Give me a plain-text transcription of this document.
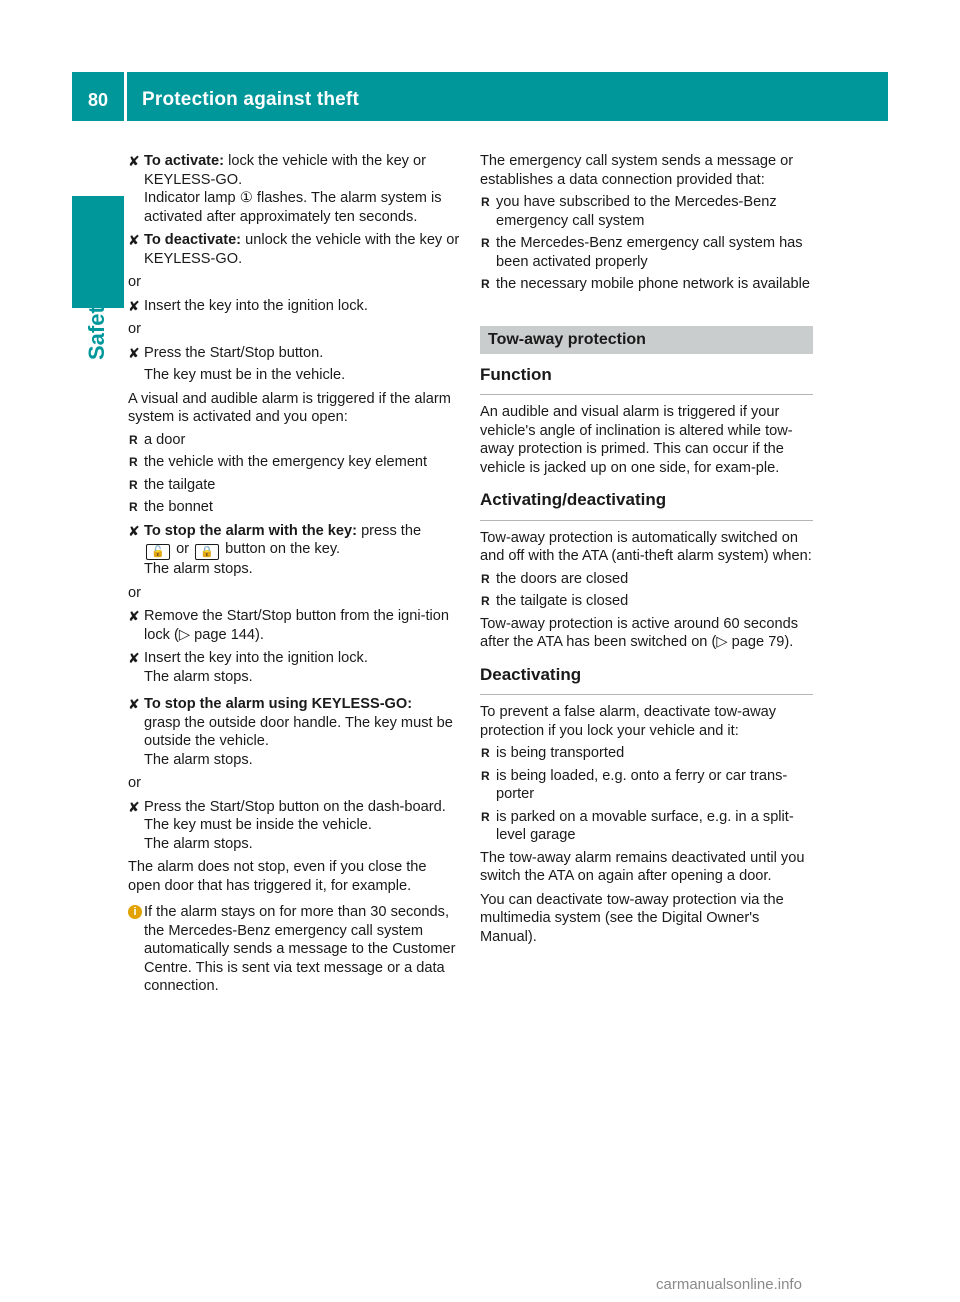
80	Protection against theft
Safety
✘ To activate: lock the vehicle with the key or KEYLESS-GO.

Indicator lamp ① flashes. The alarm system is activated after approximately ten seconds.

✘ To deactivate: unlock the vehicle with the key or KEYLESS-GO.

or

✘ Insert the key into the ignition lock.

or

✘ Press the Start/Stop button.

The key must be in the vehicle.

A visual and audible alarm is triggered if the alarm system is activated and you open:

R a door
R the vehicle with the emergency key element
R the tailgate
R the bonnet
✘ To stop the alarm with the key: press the

🔓 or 🔒 button on the key.

The alarm stops.

or

✘ Remove the Start/Stop button from the igni-tion lock (▷ page 144).

✘ Insert the key into the ignition lock.

The alarm stops.

✘ To stop the alarm using KEYLESS-GO:

grasp the outside door handle. The key must be outside the vehicle.

The alarm stops.

or

✘ Press the Start/Stop button on the dash-board. The key must be inside the vehicle.

The alarm stops.

The alarm does not stop, even if you close the open door that has triggered it, for example.

i If the alarm stays on for more than 30 seconds, the Mercedes-Benz emergency call system automatically sends a message to the Customer Centre. This is sent via text message or a data connection.

The emergency call system sends a message or establishes a data connection provided that:

R you have subscribed to the Mercedes-Benz emergency call system
R the Mercedes-Benz emergency call system has been activated properly
R the necessary mobile phone network is available
Tow-away protection
Function

An audible and visual alarm is triggered if your vehicle's angle of inclination is altered while tow-away protection is primed. This can occur if the vehicle is jacked up on one side, for exam-ple.

Activating/deactivating

Tow-away protection is automatically switched on and off with the ATA (anti-theft alarm system) when:

R the doors are closed
R the tailgate is closed

Tow-away protection is active around 60 seconds after the ATA has been switched on (▷ page 79).

Deactivating

To prevent a false alarm, deactivate tow-away protection if you lock your vehicle and it:

R is being transported
R is being loaded, e.g. onto a ferry or car trans-porter
R is parked on a movable surface, e.g. in a split-level garage

The tow-away alarm remains deactivated until you switch the ATA on again after opening a door.

You can deactivate tow-away protection via the multimedia system (see the Digital Owner's Manual).

carmanualsonline.info
